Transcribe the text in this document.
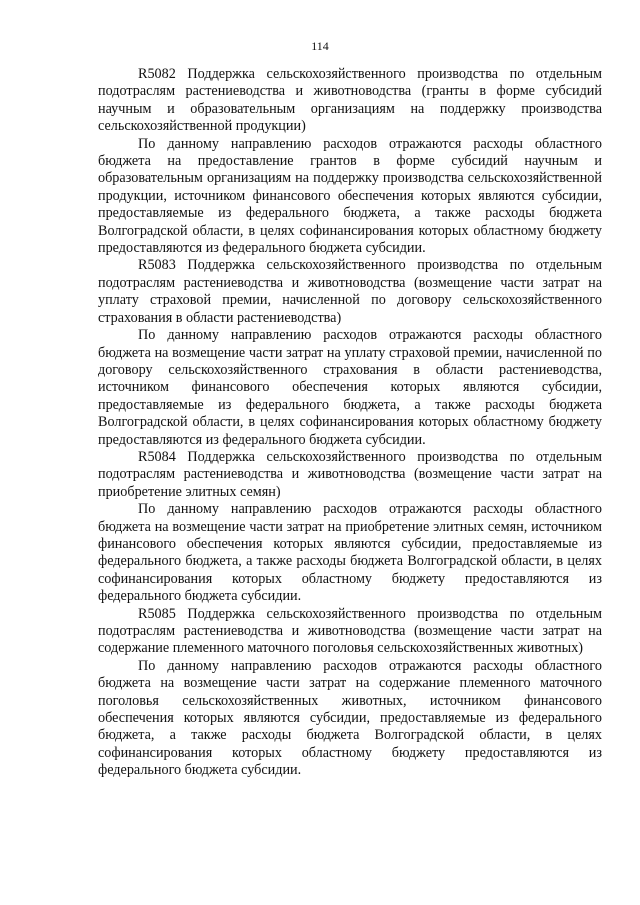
114

R5082 Поддержка сельскохозяйственного производства по отдельным подотраслям растениеводства и животноводства (гранты в форме субсидий научным и образовательным организациям на поддержку производства сельскохозяйственной продукции)

По данному направлению расходов отражаются расходы областного бюджета на предоставление грантов в форме субсидий научным и образовательным организациям на поддержку производства сельскохозяйственной продукции, источником финансового обеспечения которых являются субсидии, предоставляемые из федерального бюджета, а также расходы бюджета Волгоградской области, в целях софинансирования которых областному бюджету предоставляются из федерального бюджета субсидии.

R5083 Поддержка сельскохозяйственного производства по отдельным подотраслям растениеводства и животноводства (возмещение части затрат на уплату страховой премии, начисленной по договору сельскохозяйственного страхования в области растениеводства)

По данному направлению расходов отражаются расходы областного бюджета на возмещение части затрат на уплату страховой премии, начисленной по договору сельскохозяйственного страхования в области растениеводства, источником финансового обеспечения которых являются субсидии, предоставляемые из федерального бюджета, а также расходы бюджета Волгоградской области, в целях софинансирования которых областному бюджету предоставляются из федерального бюджета субсидии.

R5084 Поддержка сельскохозяйственного производства по отдельным подотраслям растениеводства и животноводства (возмещение части затрат на приобретение элитных семян)

По данному направлению расходов отражаются расходы областного бюджета на возмещение части затрат на приобретение элитных семян, источником финансового обеспечения которых являются субсидии, предоставляемые из федерального бюджета, а также расходы бюджета Волгоградской области, в целях софинансирования которых областному бюджету предоставляются из федерального бюджета субсидии.

R5085 Поддержка сельскохозяйственного производства по отдельным подотраслям растениеводства и животноводства (возмещение части затрат на содержание племенного маточного поголовья сельскохозяйственных животных)

По данному направлению расходов отражаются расходы областного бюджета на возмещение части затрат на содержание племенного маточного поголовья сельскохозяйственных животных, источником финансового обеспечения которых являются субсидии, предоставляемые из федерального бюджета, а также расходы бюджета Волгоградской области, в целях софинансирования которых областному бюджету предоставляются из федерального бюджета субсидии.
